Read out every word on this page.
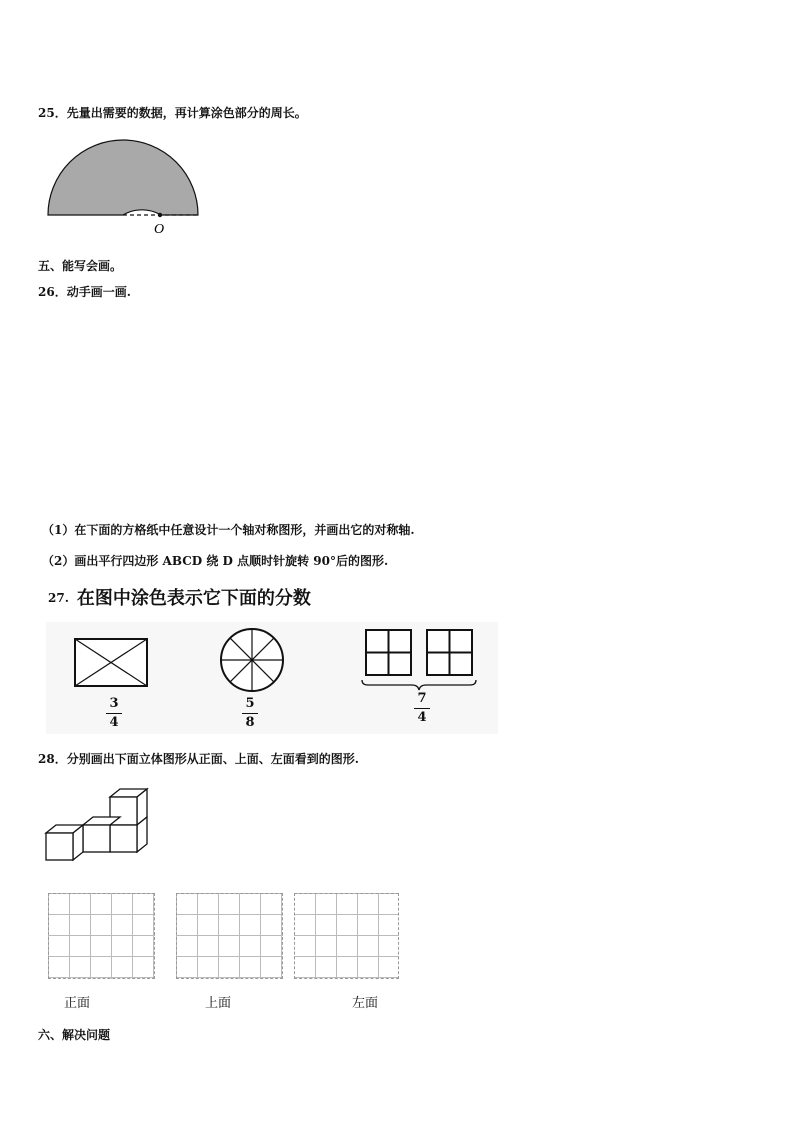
25．先量出需要的数据，再计算涂色部分的周长。
O
五、能写会画。
26．动手画一画.
（1）在下面的方格纸中任意设计一个轴对称图形，并画出它的对称轴.
（2）画出平行四边形 ABCD 绕 D 点顺时针旋转 90°后的图形.
27. 在图中涂色表示它下面的分数
3
4
5
8
7
4
28．分别画出下面立体图形从正面、上面、左面看到的图形.
正面	上面	左面
六、解决问题
